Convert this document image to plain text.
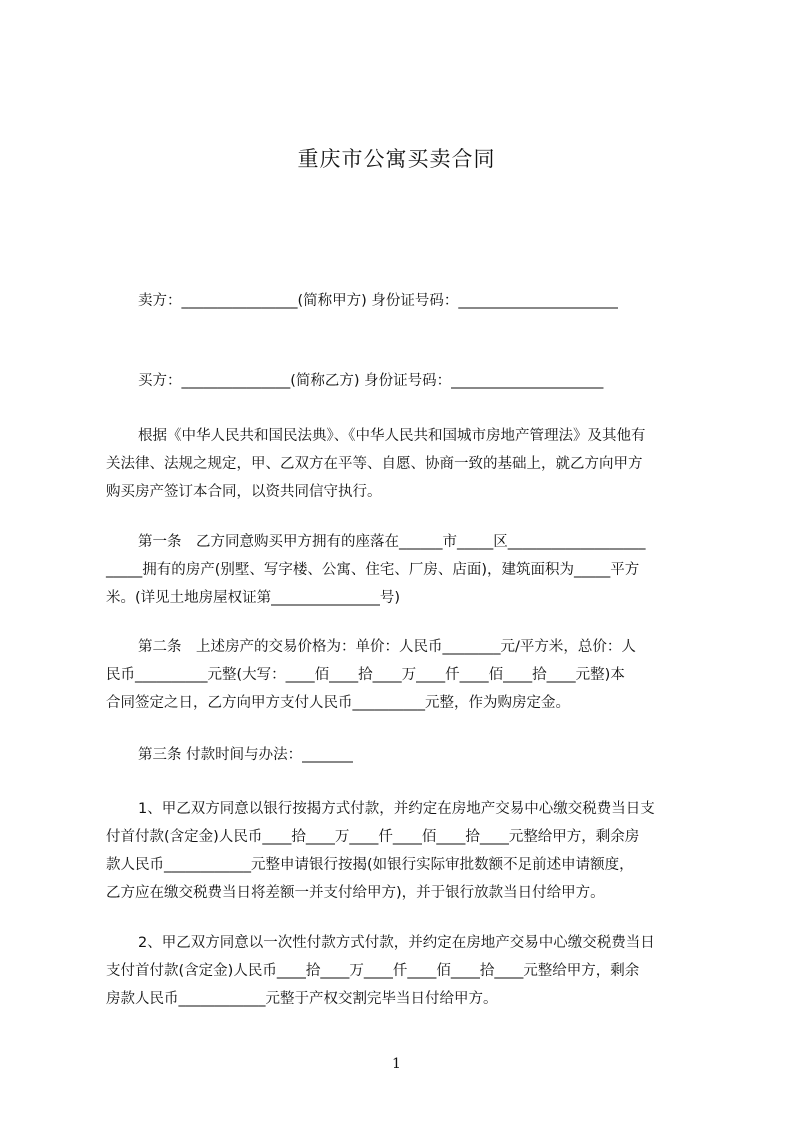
重庆市公寓买卖合同

卖方：________________(简称甲方) 身份证号码：______________________

买方：_______________(简称乙方) 身份证号码：_____________________

根据《中华人民共和国民法典》、《中华人民共和国城市房地产管理法》及其他有
关法律、法规之规定，甲、乙双方在平等、自愿、协商一致的基础上，就乙方向甲方
购买房产签订本合同，以资共同信守执行。
第一条　乙方同意购买甲方拥有的座落在______市_____区___________________
_____拥有的房产(别墅、写字楼、公寓、住宅、厂房、店面)，建筑面积为_____平方
米。(详见土地房屋权证第_______________号)
第二条　上述房产的交易价格为：单价：人民币________元/平方米，总价：人
民币__________元整(大写：____佰____拾____万____仟____佰____拾____元整)本
合同签定之日，乙方向甲方支付人民币__________元整，作为购房定金。

第三条 付款时间与办法：_______

1、甲乙双方同意以银行按揭方式付款，并约定在房地产交易中心缴交税费当日支
付首付款(含定金)人民币____拾____万____仟____佰____拾____元整给甲方，剩余房
款人民币____________元整申请银行按揭(如银行实际审批数额不足前述申请额度，
乙方应在缴交税费当日将差额一并支付给甲方)，并于银行放款当日付给甲方。
2、甲乙双方同意以一次性付款方式付款，并约定在房地产交易中心缴交税费当日
支付首付款(含定金)人民币____拾____万____仟____佰____拾____元整给甲方，剩余
房款人民币____________元整于产权交割完毕当日付给甲方。
1
